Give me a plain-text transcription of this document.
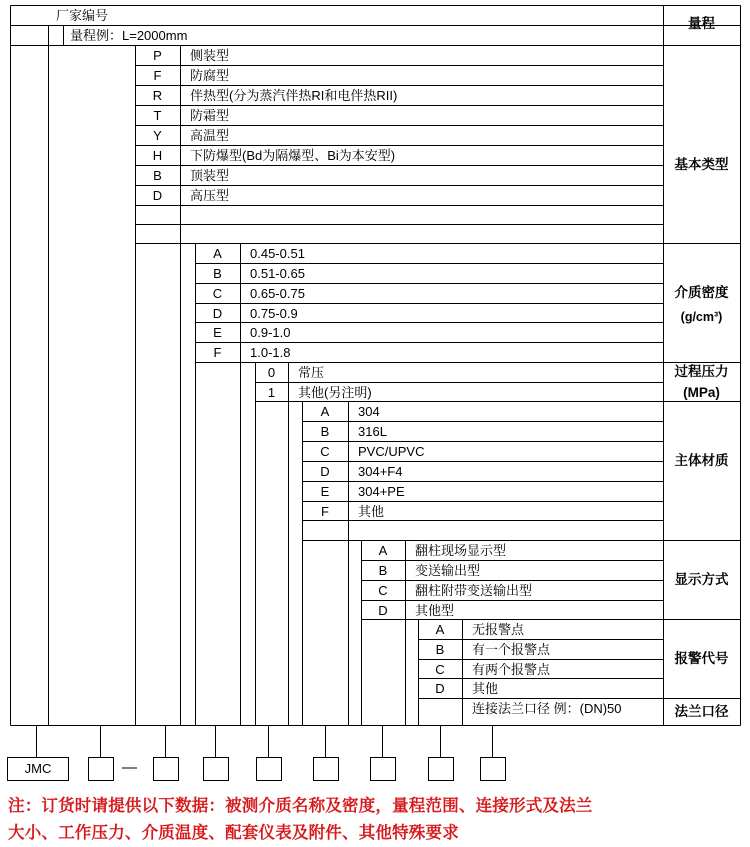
厂家编号
量程例：L=2000mm
量程
P	侧装型
F	防腐型
R	伴热型(分为蒸汽伴热RI和电伴热RII)
T	防霜型
Y	高温型
H	下防爆型(Bd为隔爆型、Bi为本安型)
B	顶装型
D	高压型
基本类型
A	0.45-0.51
B	0.51-0.65
C	0.65-0.75
D	0.75-0.9
E	0.9-1.0
F	1.0-1.8
介质密度
(g/cm³)
0	常压
1	其他(另注明)
过程压力
(MPa)
A	304
B	316L
C	PVC/UPVC
D	304+F4
E	304+PE
F	其他
主体材质
A	翻柱现场显示型
B	变送输出型
C	翻柱附带变送输出型
D	其他型
显示方式
A	无报警点
B	有一个报警点
C	有两个报警点
D	其他
报警代号
连接法兰口径 例：(DN)50	法兰口径
JMC	—
注：订货时请提供以下数据：被测介质名称及密度，量程范围、连接形式及法兰
大小、工作压力、介质温度、配套仪表及附件、其他特殊要求
